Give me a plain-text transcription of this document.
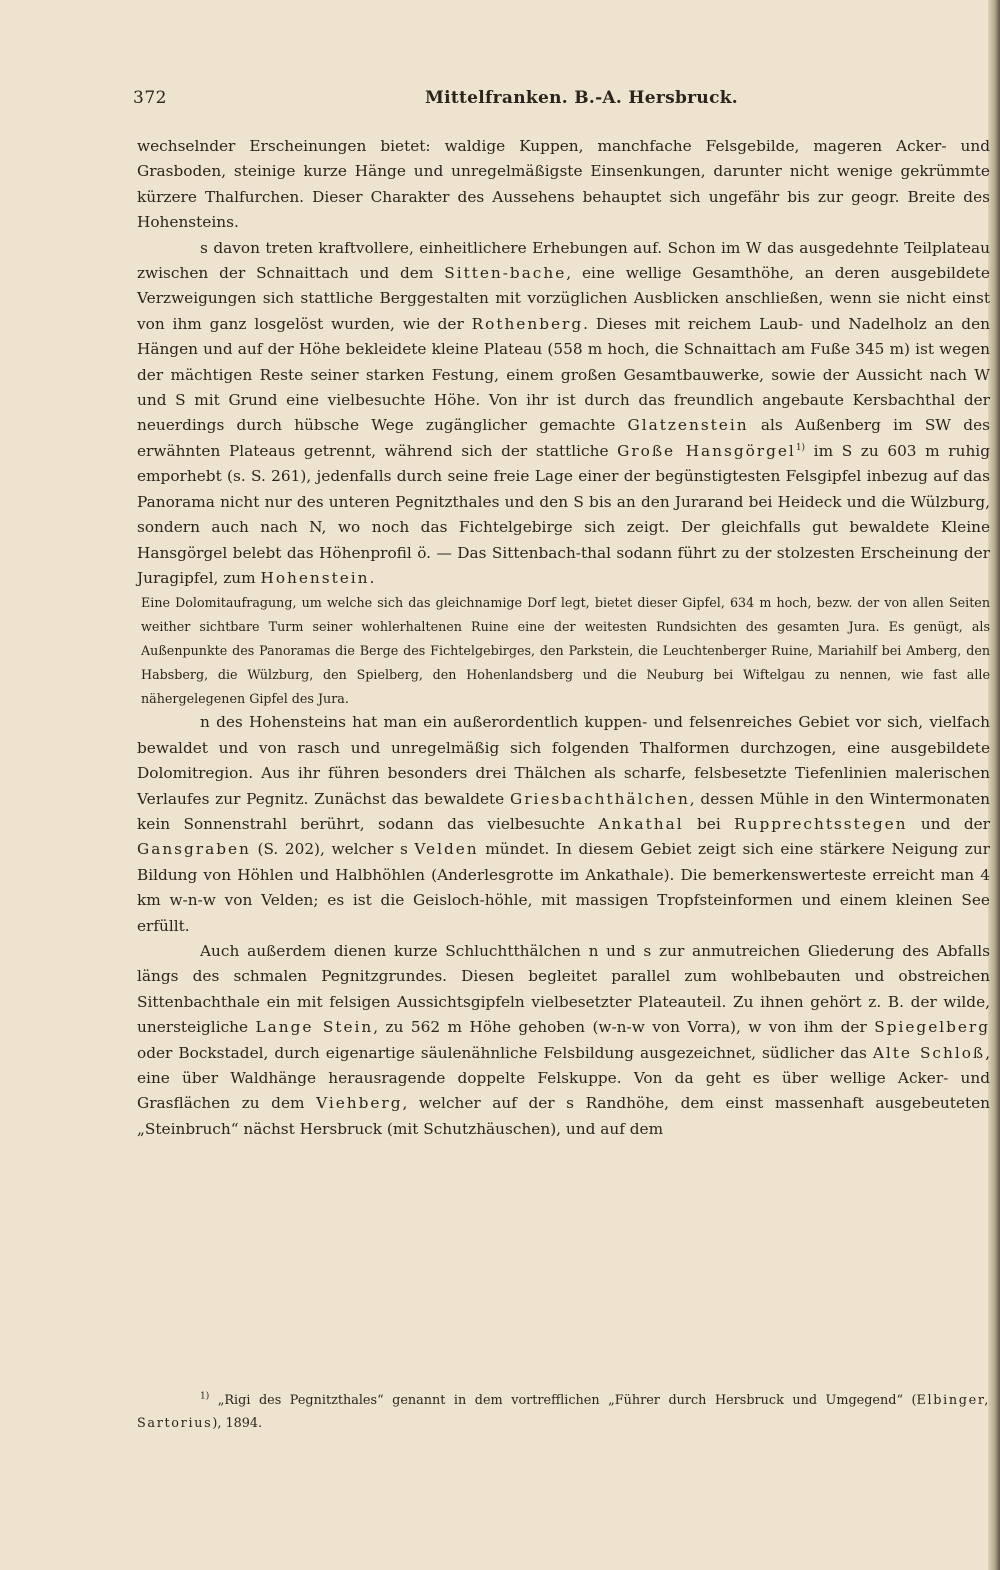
372	Mittelfranken. B.-A. Hersbruck.

wechselnder Erscheinungen bietet: waldige Kuppen, manchfache Felsgebilde, mageren Acker- und Grasboden, steinige kurze Hänge und unregelmäßigste Einsenkungen, darunter nicht wenige gekrümmte kürzere Thalfurchen. Dieser Charakter des Aussehens behauptet sich ungefähr bis zur geogr. Breite des Hohensteins.

s davon treten kraftvollere, einheitlichere Erhebungen auf. Schon im W das ausgedehnte Teilplateau zwischen der Schnaittach und dem Sitten-bache, eine wellige Gesamthöhe, an deren ausgebildete Verzweigungen sich stattliche Berggestalten mit vorzüglichen Ausblicken anschließen, wenn sie nicht einst von ihm ganz losgelöst wurden, wie der Rothenberg. Dieses mit reichem Laub- und Nadelholz an den Hängen und auf der Höhe bekleidete kleine Plateau (558 m hoch, die Schnaittach am Fuße 345 m) ist wegen der mächtigen Reste seiner starken Festung, einem großen Gesamtbauwerke, sowie der Aussicht nach W und S mit Grund eine vielbesuchte Höhe. Von ihr ist durch das freundlich angebaute Kersbachthal der neuerdings durch hübsche Wege zugänglicher gemachte Glatzenstein als Außenberg im SW des erwähnten Plateaus getrennt, während sich der stattliche Große Hansgörgel$^{1)}$ im S zu 603 m ruhig emporhebt (s. S. 261), jedenfalls durch seine freie Lage einer der begünstigtesten Felsgipfel inbezug auf das Panorama nicht nur des unteren Pegnitzthales und den S bis an den Jurarand bei Heideck und die Wülzburg, sondern auch nach N, wo noch das Fichtelgebirge sich zeigt. Der gleichfalls gut bewaldete Kleine Hansgörgel belebt das Höhenprofil ö. — Das Sittenbach-thal sodann führt zu der stolzesten Erscheinung der Juragipfel, zum Hohenstein.

Eine Dolomitaufragung, um welche sich das gleichnamige Dorf legt, bietet dieser Gipfel, 634 m hoch, bezw. der von allen Seiten weither sichtbare Turm seiner wohlerhaltenen Ruine eine der weitesten Rundsichten des gesamten Jura. Es genügt, als Außenpunkte des Panoramas die Berge des Fichtelgebirges, den Parkstein, die Leuchtenberger Ruine, Mariahilf bei Amberg, den Habsberg, die Wülzburg, den Spielberg, den Hohenlandsberg und die Neuburg bei Wiftelgau zu nennen, wie fast alle nähergelegenen Gipfel des Jura.

n des Hohensteins hat man ein außerordentlich kuppen- und felsenreiches Gebiet vor sich, vielfach bewaldet und von rasch und unregelmäßig sich folgenden Thalformen durchzogen, eine ausgebildete Dolomitregion. Aus ihr führen besonders drei Thälchen als scharfe, felsbesetzte Tiefenlinien malerischen Verlaufes zur Pegnitz. Zunächst das bewaldete Griesbachthälchen, dessen Mühle in den Wintermonaten kein Sonnenstrahl berührt, sodann das vielbesuchte Ankathal bei Rupprechtsstegen und der Gansgraben (S. 202), welcher s Velden mündet. In diesem Gebiet zeigt sich eine stärkere Neigung zur Bildung von Höhlen und Halbhöhlen (Anderlesgrotte im Ankathale). Die bemerkenswerteste erreicht man 4 km w-n-w von Velden; es ist die Geisloch-höhle, mit massigen Tropfsteinformen und einem kleinen See erfüllt.

Auch außerdem dienen kurze Schluchtthälchen n und s zur anmutreichen Gliederung des Abfalls längs des schmalen Pegnitzgrundes. Diesen begleitet parallel zum wohlbebauten und obstreichen Sittenbachthale ein mit felsigen Aussichtsgipfeln vielbesetzter Plateauteil. Zu ihnen gehört z. B. der wilde, unersteigliche Lange Stein, zu 562 m Höhe gehoben (w-n-w von Vorra), w von ihm der Spiegelberg oder Bockstadel, durch eigenartige säulenähnliche Felsbildung ausgezeichnet, südlicher das Alte Schloß, eine über Waldhänge herausragende doppelte Felskuppe. Von da geht es über wellige Acker- und Grasflächen zu dem Viehberg, welcher auf der s Randhöhe, dem einst massenhaft ausgebeuteten „Steinbruch“ nächst Hersbruck (mit Schutzhäuschen), und auf dem

$^{1)}$ „Rigi des Pegnitzthales“ genannt in dem vortrefflichen „Führer durch Hersbruck und Umgegend“ (Elbinger, Sartorius), 1894.
